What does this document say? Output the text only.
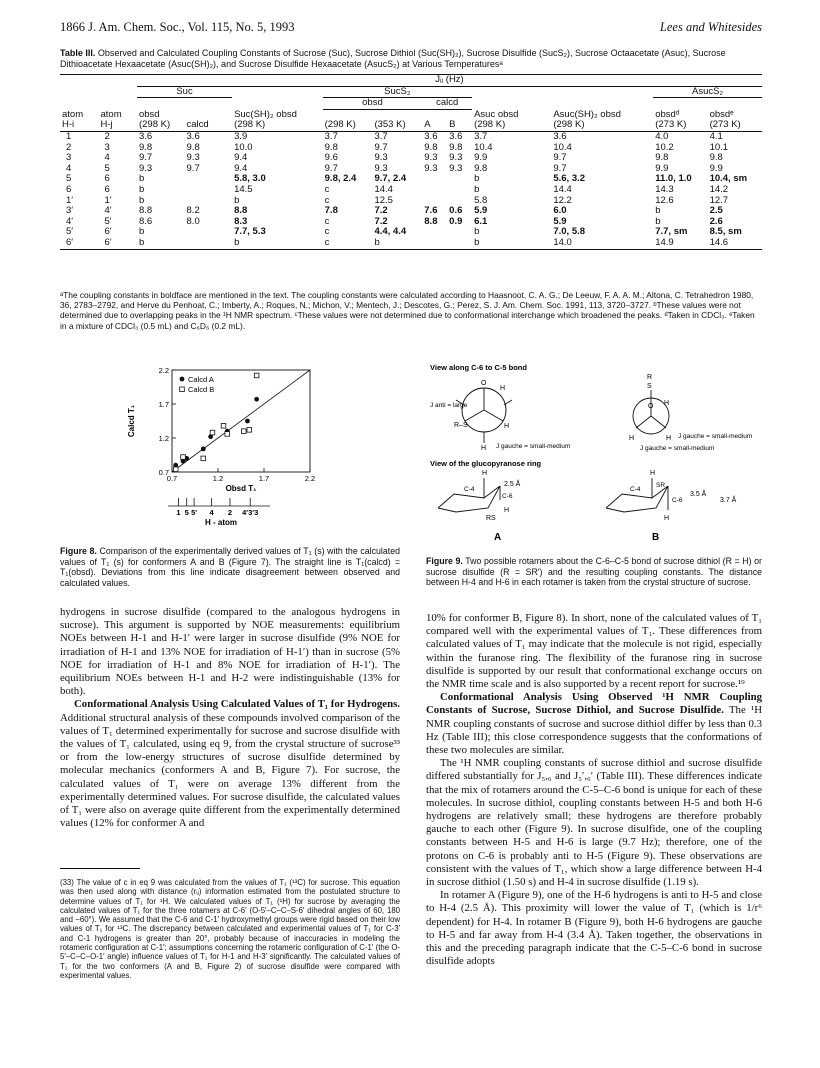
1866 J. Am. Chem. Soc., Vol. 115, No. 5, 1993	Lees and Whitesides
Table III. Observed and Calculated Coupling Constants of Sucrose (Suc), Sucrose Dithiol (Suc(SH)₂), Sucrose Disulfide (SucS₂), Sucrose Octaacetate (Asuc), Sucrose Dithioacetate Hexaacetate (Asuc(SH)₂), and Sucrose Disulfide Hexaacetate (AsucS₂) at Various Temperaturesᵃ
		Jᵢⱼ (Hz)										
		Suc			SucS₂						AsucS₂	
					obsd		calcd					
atom	atom	obsd		Suc(SH)₂ obsd					Asuc obsd	Asuc(SH)₂ obsd	obsdᵈ	obsdᵉ
H-i	H-j	(298 K)	calcd	(298 K)	(298 K)	(353 K)	A	B	(298 K)	(298 K)	(273 K)	(273 K)
1	2	3.6	3.6	3.9	3.7	3.7	3.6	3.6	3.7	3.6	4.0	4.1
2	3	9.8	9.8	10.0	9.8	9.7	9.8	9.8	10.4	10.4	10.2	10.1
3	4	9.7	9.3	9.4	9.6	9.3	9.3	9.3	9.9	9.7	9.8	9.8
4	5	9.3	9.7	9.4	9.7	9.3	9.3	9.3	9.8	9.7	9.9	9.9
5	6	b		5.8, 3.0	9.8, 2.4	9.7, 2.4			b	5.6, 3.2	11.0, 1.0	10.4, sm
6	6	b		14.5	c	14.4			b	14.4	14.3	14.2
1′	1′	b		b	c	12.5			5.8	12.2	12.6	12.7
3′	4′	8.8	8.2	8.8	7.8	7.2	7.6	0.6	5.9	6.0	b	2.5
4′	5′	8.6	8.0	8.3	c	7.2	8.8	0.9	6.1	5.9	b	2.6
5′	6′	b		7.7, 5.3	c	4.4, 4.4			b	7.0, 5.8	7.7, sm	8.5, sm
6′	6′	b		b	c	b			b	14.0	14.9	14.6
ᵃThe coupling constants in boldface are mentioned in the text. The coupling constants were calculated according to Haasnoot, C. A. G.; De Leeuw, F. A. A. M.; Altona, C. Tetrahedron 1980, 36, 2783–2792, and Herve du Penhoat, C.; Imberty, A.; Roques, N.; Michon, V.; Mentech, J.; Descotes, G.; Perez, S. J. Am. Chem. Soc. 1991, 113, 3720–3727. ᵇThese values were not determined due to overlapping peaks in the ¹H NMR spectrum. ᶜThese values were not determined due to conformational interchange which broadened the peaks. ᵈTaken in CDCl₃. ᵉTaken in a mixture of CDCl₃ (0.5 mL) and C₆D₆ (0.2 mL).
0.7
0.7
1.2
1.2
1.7
1.7
2.2
2.2
Calcd A
Calcd B
Obsd T₁
Calcd T₁
1 5 5′ 4 2 4′3′3
H - atom
Figure 8. Comparison of the experimentally derived values of T₁ (s) with the calculated values of T₁ (s) for conformers A and B (Figure 7). The straight line is T₁(calcd) = T₁(obsd). Deviations from this line indicate disagreement between observed and calculated values.
View along C-6 to C-5 bond
O
H
R–S	H
H
J anti = large
J gauche = small-medium
R
S
O H
H	H J gauche = small-medium
J gauche = small-medium
View of the glucopyranose ring
H
C-4
C-6
2.5 Å
RS
H
A
H
C-4
SR
C-6
3.5 Å
3.7 Å
H
B
Figure 9. Two possible rotamers about the C-6–C-5 bond of sucrose dithiol (R = H) or sucrose disulfide (R = SR′) and the resulting coupling constants. The distance between H-4 and H-6 in each rotamer is taken from the crystal structure of sucrose.

hydrogens in sucrose disulfide (compared to the analogous hydrogens in sucrose). This argument is supported by NOE measurements: equilibrium NOEs between H-1 and H-1′ were larger in sucrose disulfide (9% NOE for irradiation of H-1 and 13% NOE for irradiation of H-1′) than in sucrose (5% NOE for irradiation of H-1 and 8% NOE for irradiation of H-1′). The equilibrium NOEs between H-1 and H-2 were indistinguishable (13% for both).

Conformational Analysis Using Calculated Values of T₁ for Hydrogens. Additional structural analysis of these compounds involved comparison of the values of T₁ determined experimentally for sucrose and sucrose disulfide with the values of T₁ calculated, using eq 9, from the crystal structure of sucrose³³ or from the low-energy structures of sucrose disulfide determined by molecular mechanics (conformers A and B, Figure 7). For sucrose, the calculated values of T₁ were on average 13% different from the experimentally determined values. For sucrose disulfide, the calculated values of T₁ were also on average quite different from the experimentally determined values (12% for conformer A and

(33) The value of c in eq 9 was calculated from the values of T₁ (¹³C) for sucrose. This equation was then used along with distance (rᵢⱼ) information estimated from the postulated structure to determine values of T₁ for ¹H. We calculated values of T₁ (¹H) for sucrose by averaging the calculated values of T₁ for the three rotamers at C-6′ (O-5′–C–C–S-6′ dihedral angles of 60, 180 and −60°). We assumed that the C-6 and C-1′ hydroxymethyl groups were rigid based on their low values of T₁ for ¹³C. The discrepancy between calculated and experimental values of T₁ for C-3′ and C-1 hydrogens is greater than 20°, probably because of inaccuracies in modeling the rotameric configuration at C-1′; assumptions concerning the rotameric configuration of C-1′ (the O-5′–C–C–O-1′ angle) influence values of T₁ for H-1 and H-3′ significantly. The calculated values of T₁ for the two conformers (A and B, Figure 2) of sucrose disulfide were compared with experimental values.

10% for conformer B, Figure 8). In short, none of the calculated values of T₁ compared well with the experimental values of T₁. These differences from calculated values of T₁ may indicate that the molecule is not rigid, especially within the furanose ring. The flexibility of the furanose ring in sucrose disulfide is supported by our result that conformational exchange occurs on the NMR time scale and is also supported by a recent report for sucrose.¹⁹

Conformational Analysis Using Observed ¹H NMR Coupling Constants of Sucrose, Sucrose Dithiol, and Sucrose Disulfide. The ¹H NMR coupling constants of sucrose and sucrose dithiol differ by less than 0.3 Hz (Table III); this close correspondence suggests that the conformations of these two molecules are similar.

The ¹H NMR coupling constants of sucrose dithiol and sucrose disulfide differed substantially for J₅,₆ and J₅′,₆′ (Table III). These differences indicate that the mix of rotamers around the C-5–C-6 bond is unique for each of these molecules. In sucrose dithiol, coupling constants between H-5 and both H-6 hydrogens are relatively small; these hydrogens are therefore probably gauche to each other (Figure 9). In sucrose disulfide, one of the coupling constants between H-5 and H-6 is large (9.7 Hz); therefore, one of the protons on C-6 is probably anti to H-5 (Figure 9). These observations are consistent with the values of T₁, which show a large difference between H-4 in sucrose dithiol (1.50 s) and H-4 in sucrose disulfide (1.19 s).

In rotamer A (Figure 9), one of the H-6 hydrogens is anti to H-5 and close to H-4 (2.5 Å). This proximity will lower the value of T₁ (which is 1/r⁶ dependent) for H-4. In rotamer B (Figure 9), both H-6 hydrogens are gauche to H-5 and far away from H-4 (3.4 Å). Taken together, the observations in this and the preceding paragraph indicate that the C-5–C-6 bond in sucrose disulfide adopts
